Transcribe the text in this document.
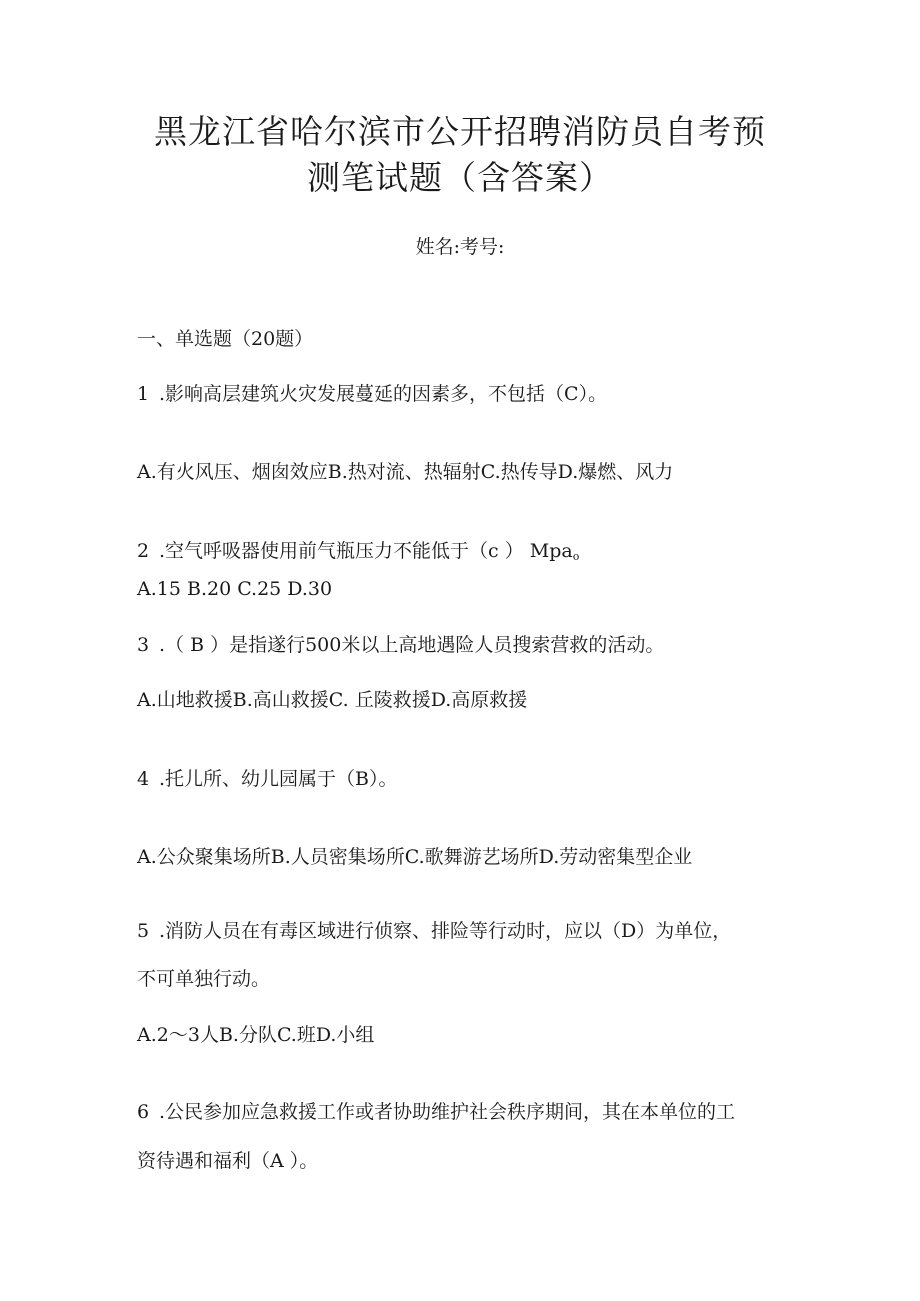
黑龙江省哈尔滨市公开招聘消防员自考预
测笔试题（含答案）
姓名:考号:
一、单选题（20题）
1 .影响高层建筑火灾发展蔓延的因素多，不包括（C）。
A.有火风压、烟囱效应B.热对流、热辐射C.热传导D.爆燃、风力
2 .空气呼吸器使用前气瓶压力不能低于（c ） Mpao
A.15 B.20 C.25 D.30
3 .（ B ）是指遂行500米以上高地遇险人员搜索营救的活动。
A.山地救援B.高山救援C. 丘陵救援D.高原救援
4 .托儿所、幼儿园属于（B）。
A.公众聚集场所B.人员密集场所C.歌舞游艺场所D.劳动密集型企业
5 .消防人员在有毒区域进行侦察、排险等行动时，应以（D）为单位，
不可单独行动。
A.2～3人B.分队C.班D.小组
6 .公民参加应急救援工作或者协助维护社会秩序期间，其在本单位的工
资待遇和福利（A ）。
